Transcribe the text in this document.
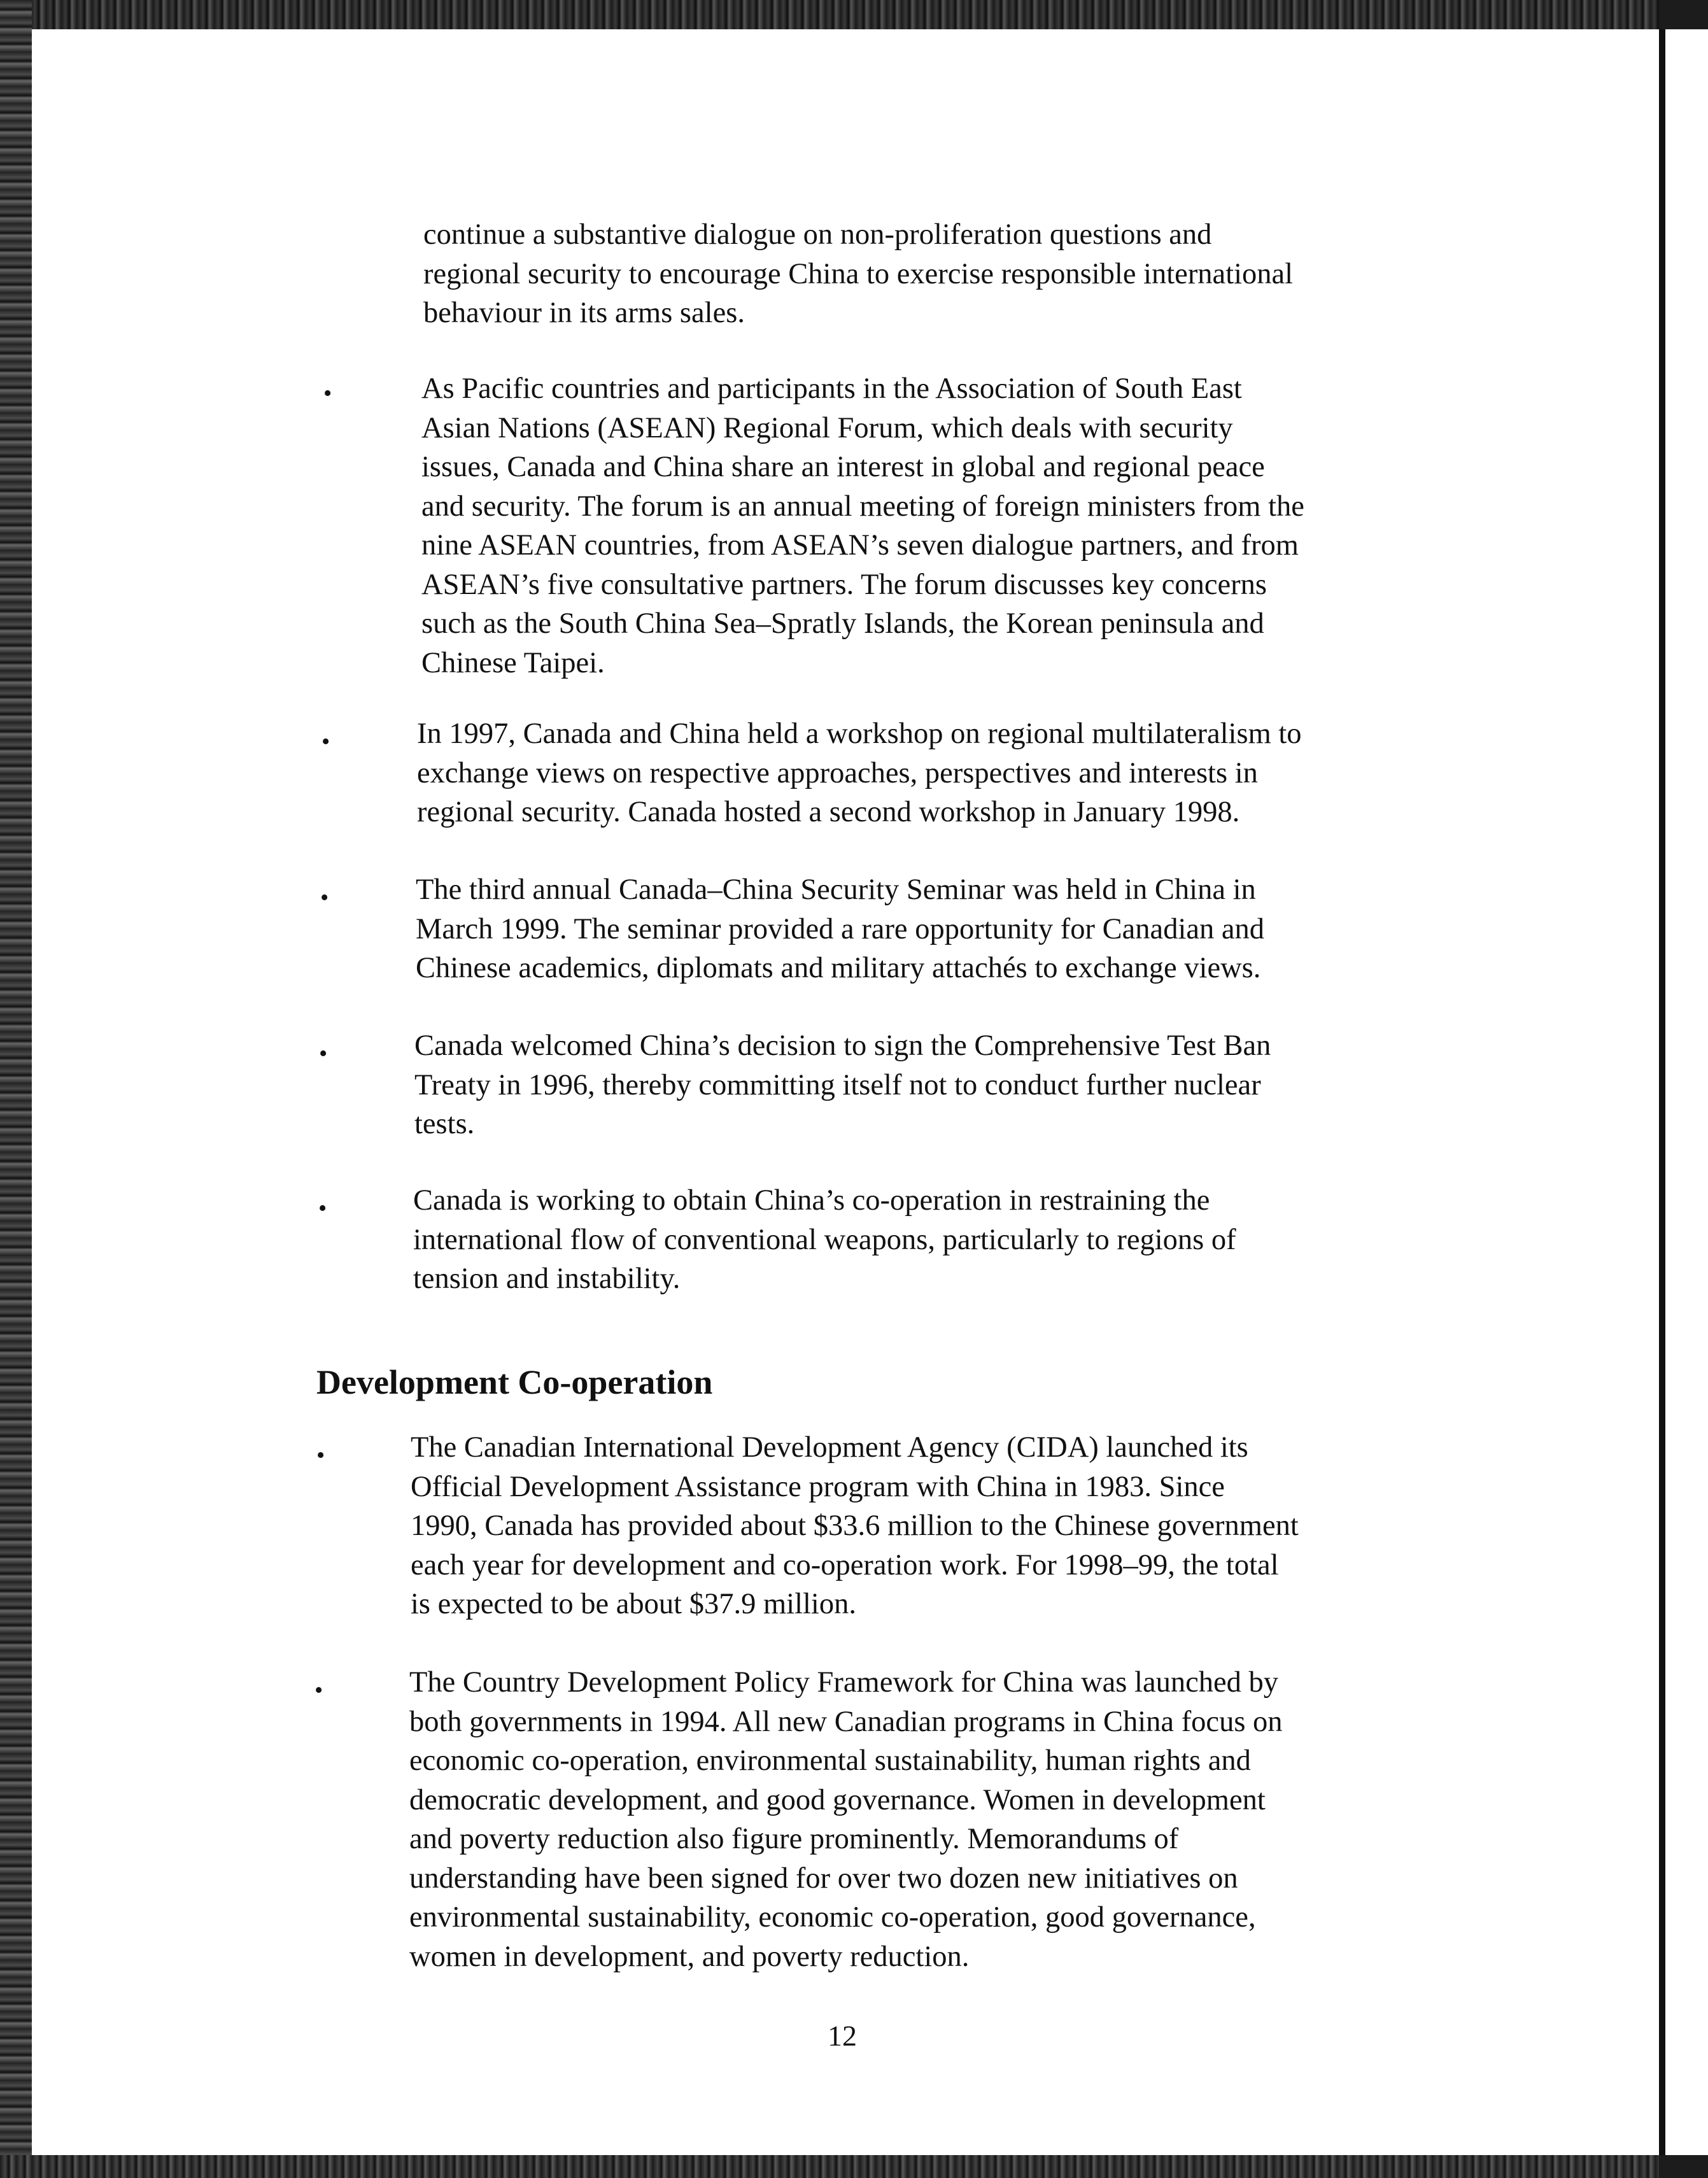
continue a substantive dialogue on non-proliferation questions and
regional security to encourage China to exercise responsible international
behaviour in its arms sales.

•	As Pacific countries and participants in the Association of South East
Asian Nations (ASEAN) Regional Forum, which deals with security
issues, Canada and China share an interest in global and regional peace
and security. The forum is an annual meeting of foreign ministers from the
nine ASEAN countries, from ASEAN’s seven dialogue partners, and from
ASEAN’s five consultative partners. The forum discusses key concerns
such as the South China Sea–Spratly Islands, the Korean peninsula and
Chinese Taipei.

•	In 1997, Canada and China held a workshop on regional multilateralism to
exchange views on respective approaches, perspectives and interests in
regional security. Canada hosted a second workshop in January 1998.

•	The third annual Canada–China Security Seminar was held in China in
March 1999. The seminar provided a rare opportunity for Canadian and
Chinese academics, diplomats and military attachés to exchange views.

•	Canada welcomed China’s decision to sign the Comprehensive Test Ban
Treaty in 1996, thereby committing itself not to conduct further nuclear
tests.

•	Canada is working to obtain China’s co-operation in restraining the
international flow of conventional weapons, particularly to regions of
tension and instability.

Development Co-operation
•	The Canadian International Development Agency (CIDA) launched its
Official Development Assistance program with China in 1983. Since
1990, Canada has provided about $33.6 million to the Chinese government
each year for development and co-operation work. For 1998–99, the total
is expected to be about $37.9 million.

•	The Country Development Policy Framework for China was launched by
both governments in 1994. All new Canadian programs in China focus on
economic co-operation, environmental sustainability, human rights and
democratic development, and good governance. Women in development
and poverty reduction also figure prominently. Memorandums of
understanding have been signed for over two dozen new initiatives on
environmental sustainability, economic co-operation, good governance,
women in development, and poverty reduction.

12
